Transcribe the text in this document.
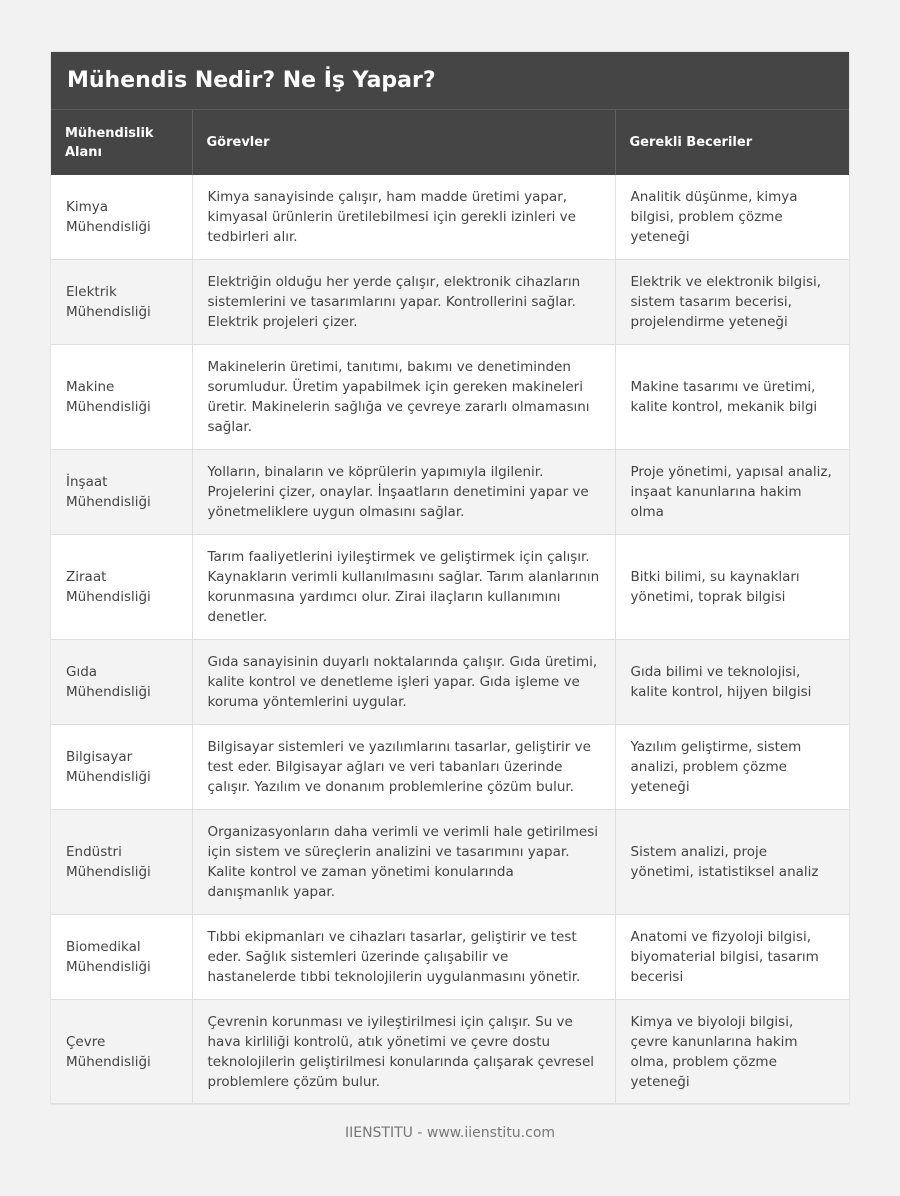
Mühendis Nedir? Ne İş Yapar?
Mühendislik Alanı	Görevler	Gerekli Beceriler
Kimya Mühendisliği	Kimya sanayisinde çalışır, ham madde üretimi yapar, kimyasal ürünlerin üretilebilmesi için gerekli izinleri ve tedbirleri alır.	Analitik düşünme, kimya bilgisi, problem çözme yeteneği
Elektrik Mühendisliği	Elektriğin olduğu her yerde çalışır, elektronik cihazların sistemlerini ve tasarımlarını yapar. Kontrollerini sağlar. Elektrik projeleri çizer.	Elektrik ve elektronik bilgisi, sistem tasarım becerisi, projelendirme yeteneği
Makine Mühendisliği	Makinelerin üretimi, tanıtımı, bakımı ve denetiminden sorumludur. Üretim yapabilmek için gereken makineleri üretir. Makinelerin sağlığa ve çevreye zararlı olmamasını sağlar.	Makine tasarımı ve üretimi, kalite kontrol, mekanik bilgi
İnşaat Mühendisliği	Yolların, binaların ve köprülerin yapımıyla ilgilenir. Projelerini çizer, onaylar. İnşaatların denetimini yapar ve yönetmeliklere uygun olmasını sağlar.	Proje yönetimi, yapısal analiz, inşaat kanunlarına hakim olma
Ziraat Mühendisliği	Tarım faaliyetlerini iyileştirmek ve geliştirmek için çalışır. Kaynakların verimli kullanılmasını sağlar. Tarım alanlarının korunmasına yardımcı olur. Zirai ilaçların kullanımını denetler.	Bitki bilimi, su kaynakları yönetimi, toprak bilgisi
Gıda Mühendisliği	Gıda sanayisinin duyarlı noktalarında çalışır. Gıda üretimi, kalite kontrol ve denetleme işleri yapar. Gıda işleme ve koruma yöntemlerini uygular.	Gıda bilimi ve teknolojisi, kalite kontrol, hijyen bilgisi
Bilgisayar Mühendisliği	Bilgisayar sistemleri ve yazılımlarını tasarlar, geliştirir ve test eder. Bilgisayar ağları ve veri tabanları üzerinde çalışır. Yazılım ve donanım problemlerine çözüm bulur.	Yazılım geliştirme, sistem analizi, problem çözme yeteneği
Endüstri Mühendisliği	Organizasyonların daha verimli ve verimli hale getirilmesi için sistem ve süreçlerin analizini ve tasarımını yapar. Kalite kontrol ve zaman yönetimi konularında danışmanlık yapar.	Sistem analizi, proje yönetimi, istatistiksel analiz
Biomedikal Mühendisliği	Tıbbi ekipmanları ve cihazları tasarlar, geliştirir ve test eder. Sağlık sistemleri üzerinde çalışabilir ve hastanelerde tıbbi teknolojilerin uygulanmasını yönetir.	Anatomi ve fizyoloji bilgisi, biyomaterial bilgisi, tasarım becerisi
Çevre Mühendisliği	Çevrenin korunması ve iyileştirilmesi için çalışır. Su ve hava kirliliği kontrolü, atık yönetimi ve çevre dostu teknolojilerin geliştirilmesi konularında çalışarak çevresel problemlere çözüm bulur.	Kimya ve biyoloji bilgisi, çevre kanunlarına hakim olma, problem çözme yeteneği
IIENSTITU - www.iienstitu.com
